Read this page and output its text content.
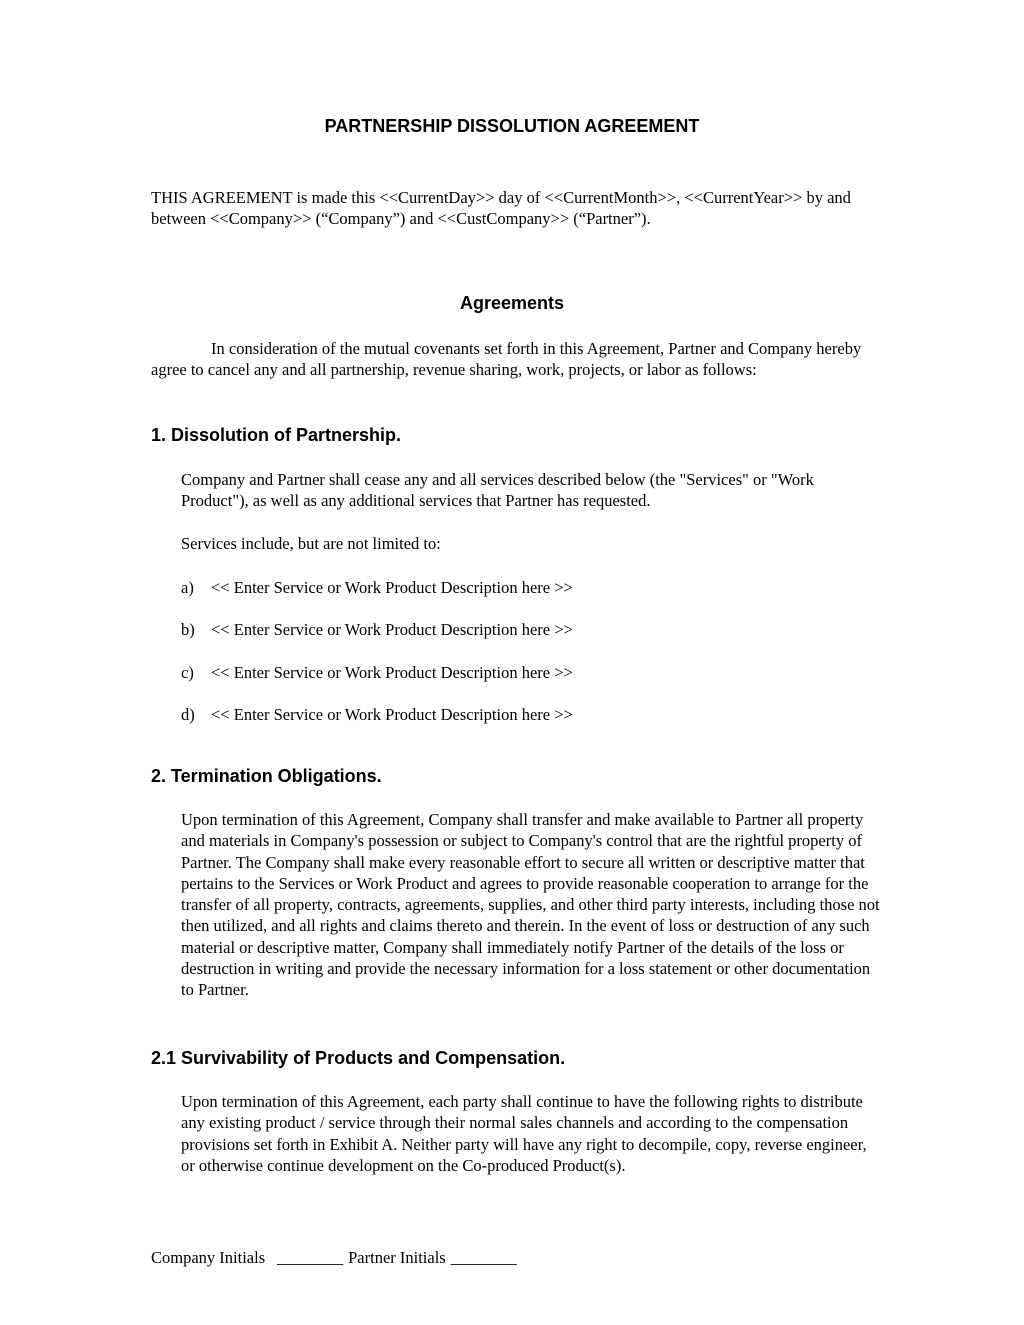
PARTNERSHIP DISSOLUTION AGREEMENT

THIS AGREEMENT is made this <<CurrentDay>> day of <<CurrentMonth>>, <<CurrentYear>> by and between <<Company>> (“Company”) and <<CustCompany>> (“Partner”).

Agreements

In consideration of the mutual covenants set forth in this Agreement, Partner and Company hereby agree to cancel any and all partnership, revenue sharing, work, projects, or labor as follows:

1. Dissolution of Partnership.

Company and Partner shall cease any and all services described below (the "Services" or "Work Product"), as well as any additional services that Partner has requested.

Services include, but are not limited to:

a) << Enter Service or Work Product Description here >>
b) << Enter Service or Work Product Description here >>
c) << Enter Service or Work Product Description here >>
d) << Enter Service or Work Product Description here >>
2. Termination Obligations.

Upon termination of this Agreement, Company shall transfer and make available to Partner all property and materials in Company's possession or subject to Company's control that are the rightful property of Partner. The Company shall make every reasonable effort to secure all written or descriptive matter that pertains to the Services or Work Product and agrees to provide reasonable cooperation to arrange for the transfer of all property, contracts, agreements, supplies, and other third party interests, including those not then utilized, and all rights and claims thereto and therein. In the event of loss or destruction of any such material or descriptive matter, Company shall immediately notify Partner of the details of the loss or destruction in writing and provide the necessary information for a loss statement or other documentation to Partner.

2.1 Survivability of Products and Compensation.

Upon termination of this Agreement, each party shall continue to have the following rights to distribute any existing product / service through their normal sales channels and according to the compensation provisions set forth in Exhibit A. Neither party will have any right to decompile, copy, reverse engineer, or otherwise continue development on the Co-produced Product(s).

Company Initials ________ Partner Initials ________
